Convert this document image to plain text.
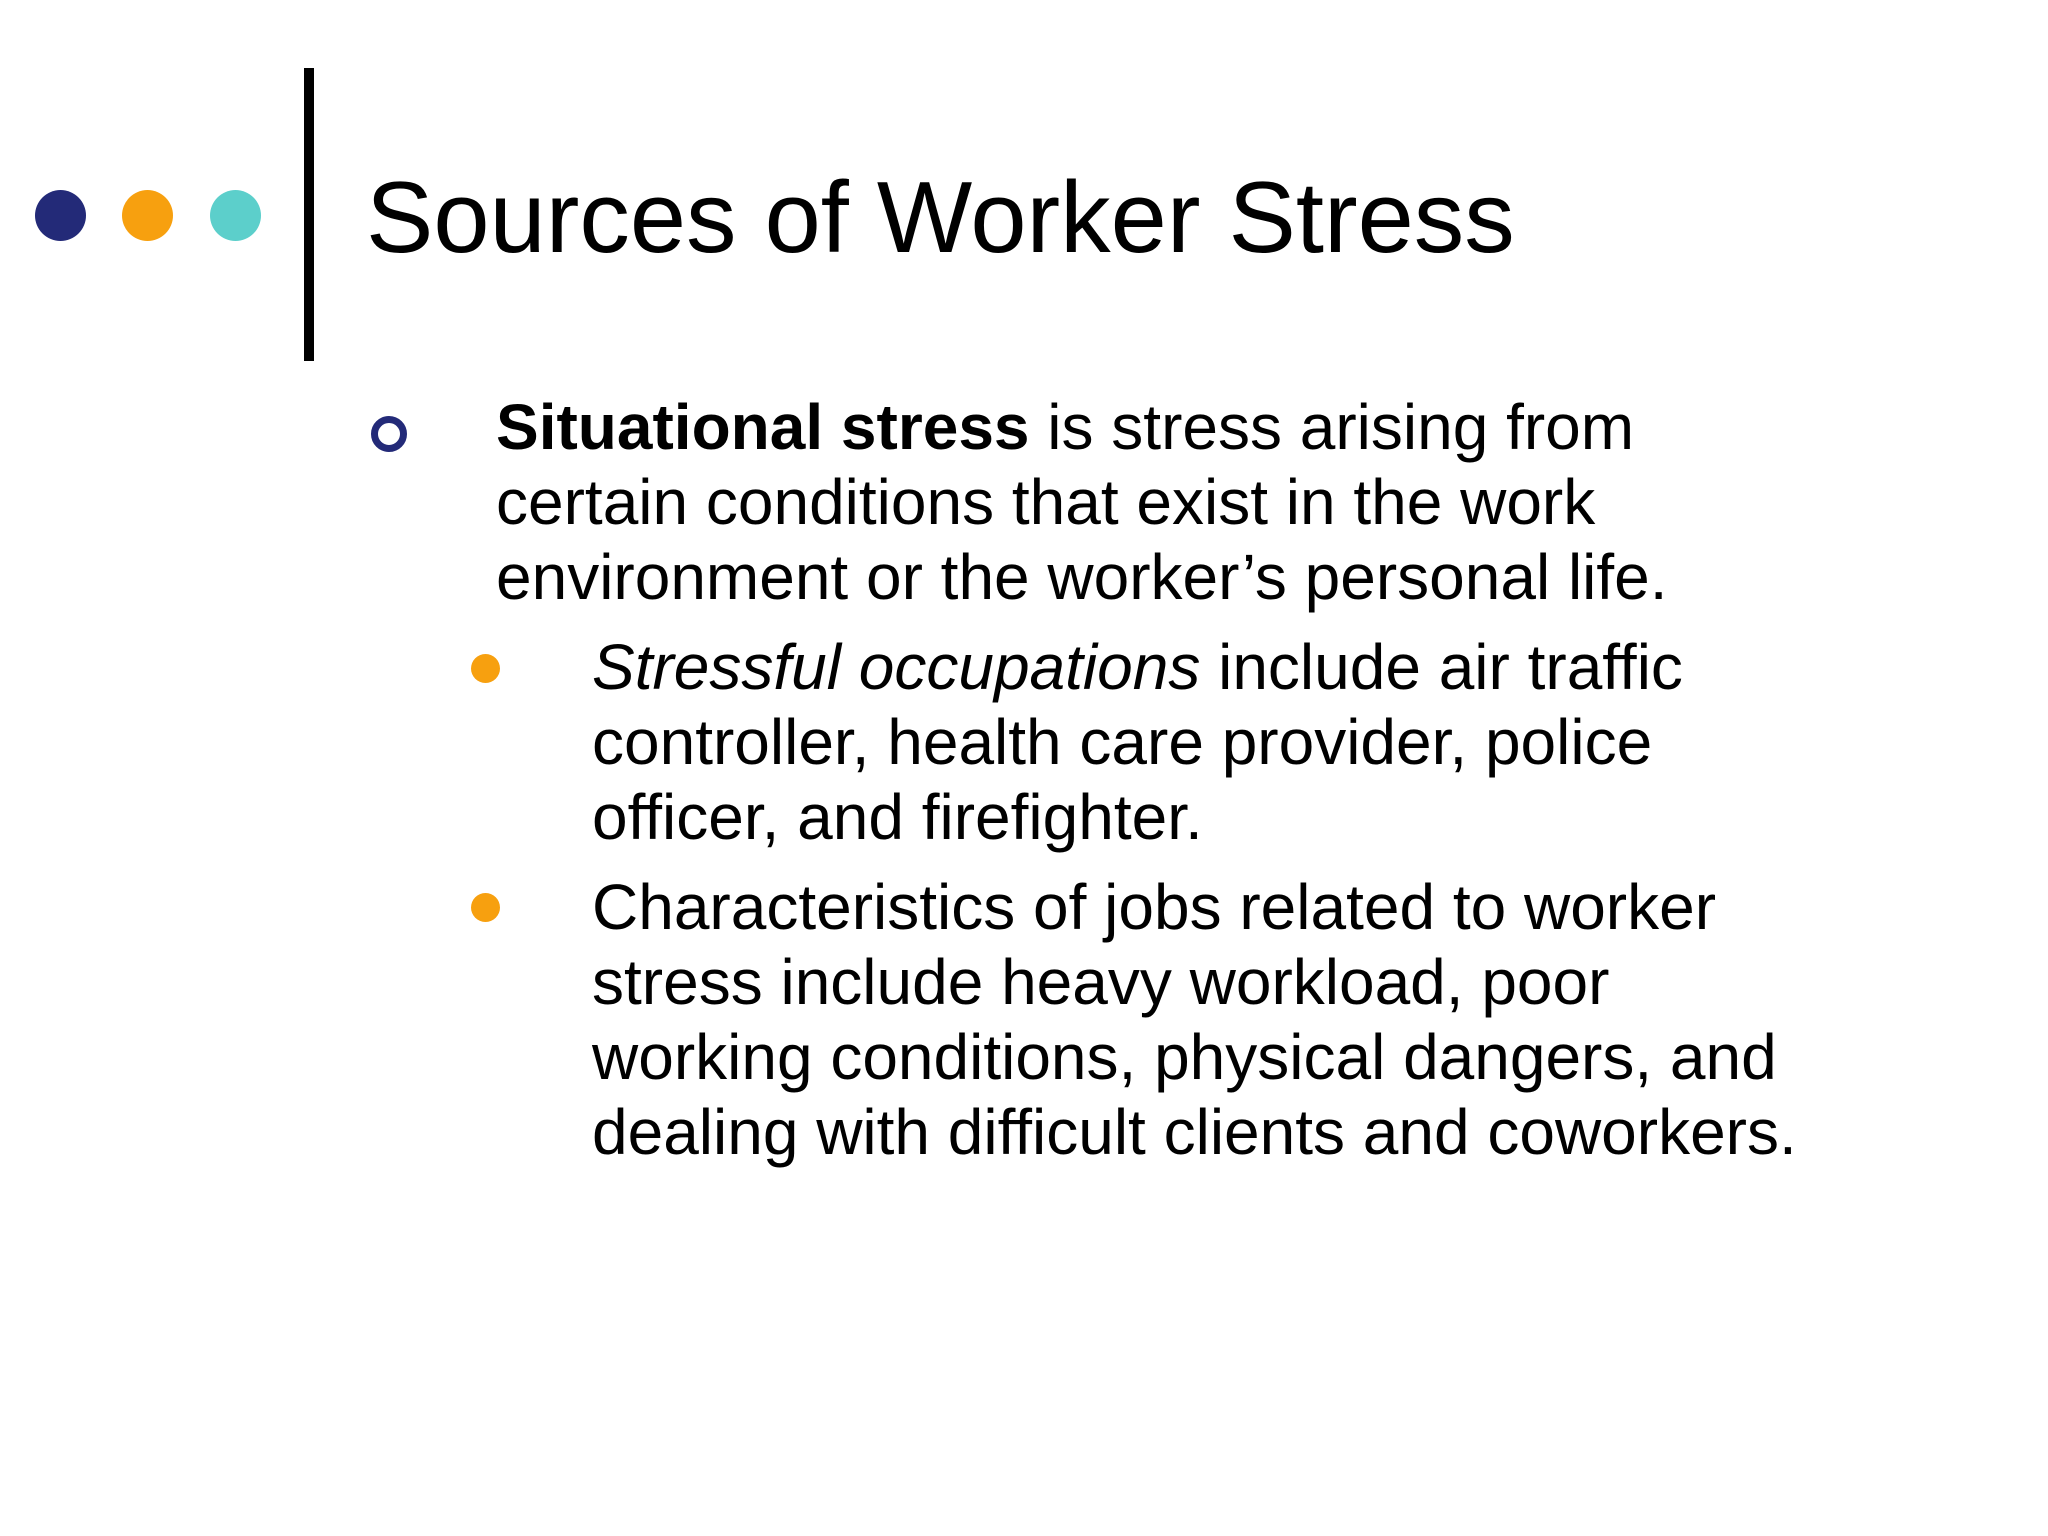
Sources of Worker Stress
Situational stress is stress arising from
certain conditions that exist in the work
environment or the worker’s personal life.
Stressful occupations include air traffic
controller, health care provider, police
officer, and firefighter.
Characteristics of jobs related to worker
stress include heavy workload, poor
working conditions, physical dangers, and
dealing with difficult clients and coworkers.
